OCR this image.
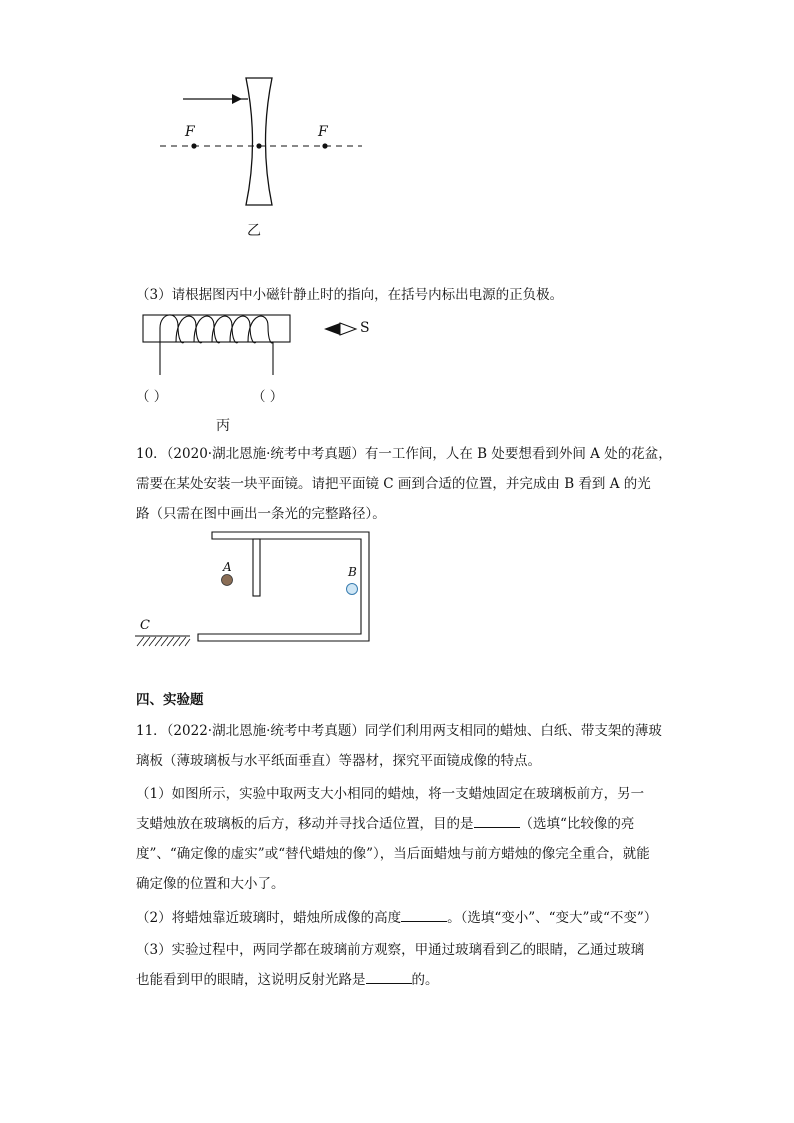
F	F
乙
（3）请根据图丙中小磁针静止时的指向，在括号内标出电源的正负极。
S
（ ）	（ ）
丙
10．（2020·湖北恩施·统考中考真题）有一工作间，人在 B 处要想看到外间 A 处的花盆，
需要在某处安装一块平面镜。请把平面镜 C 画到合适的位置，并完成由 B 看到 A 的光
路（只需在图中画出一条光的完整路径）。
A	B
C
四、实验题
11．（2022·湖北恩施·统考中考真题）同学们利用两支相同的蜡烛、白纸、带支架的薄玻
璃板（薄玻璃板与水平纸面垂直）等器材，探究平面镜成像的特点。
（1）如图所示，实验中取两支大小相同的蜡烛，将一支蜡烛固定在玻璃板前方，另一
支蜡烛放在玻璃板的后方，移动并寻找合适位置，目的是	（选填“比较像的亮
度”、“确定像的虚实”或“替代蜡烛的像”），当后面蜡烛与前方蜡烛的像完全重合，就能
确定像的位置和大小了。
（2）将蜡烛靠近玻璃时，蜡烛所成像的高度	。（选填“变小”、“变大”或“不变”）
（3）实验过程中，两同学都在玻璃前方观察，甲通过玻璃看到乙的眼睛，乙通过玻璃
也能看到甲的眼睛，这说明反射光路是	的。
